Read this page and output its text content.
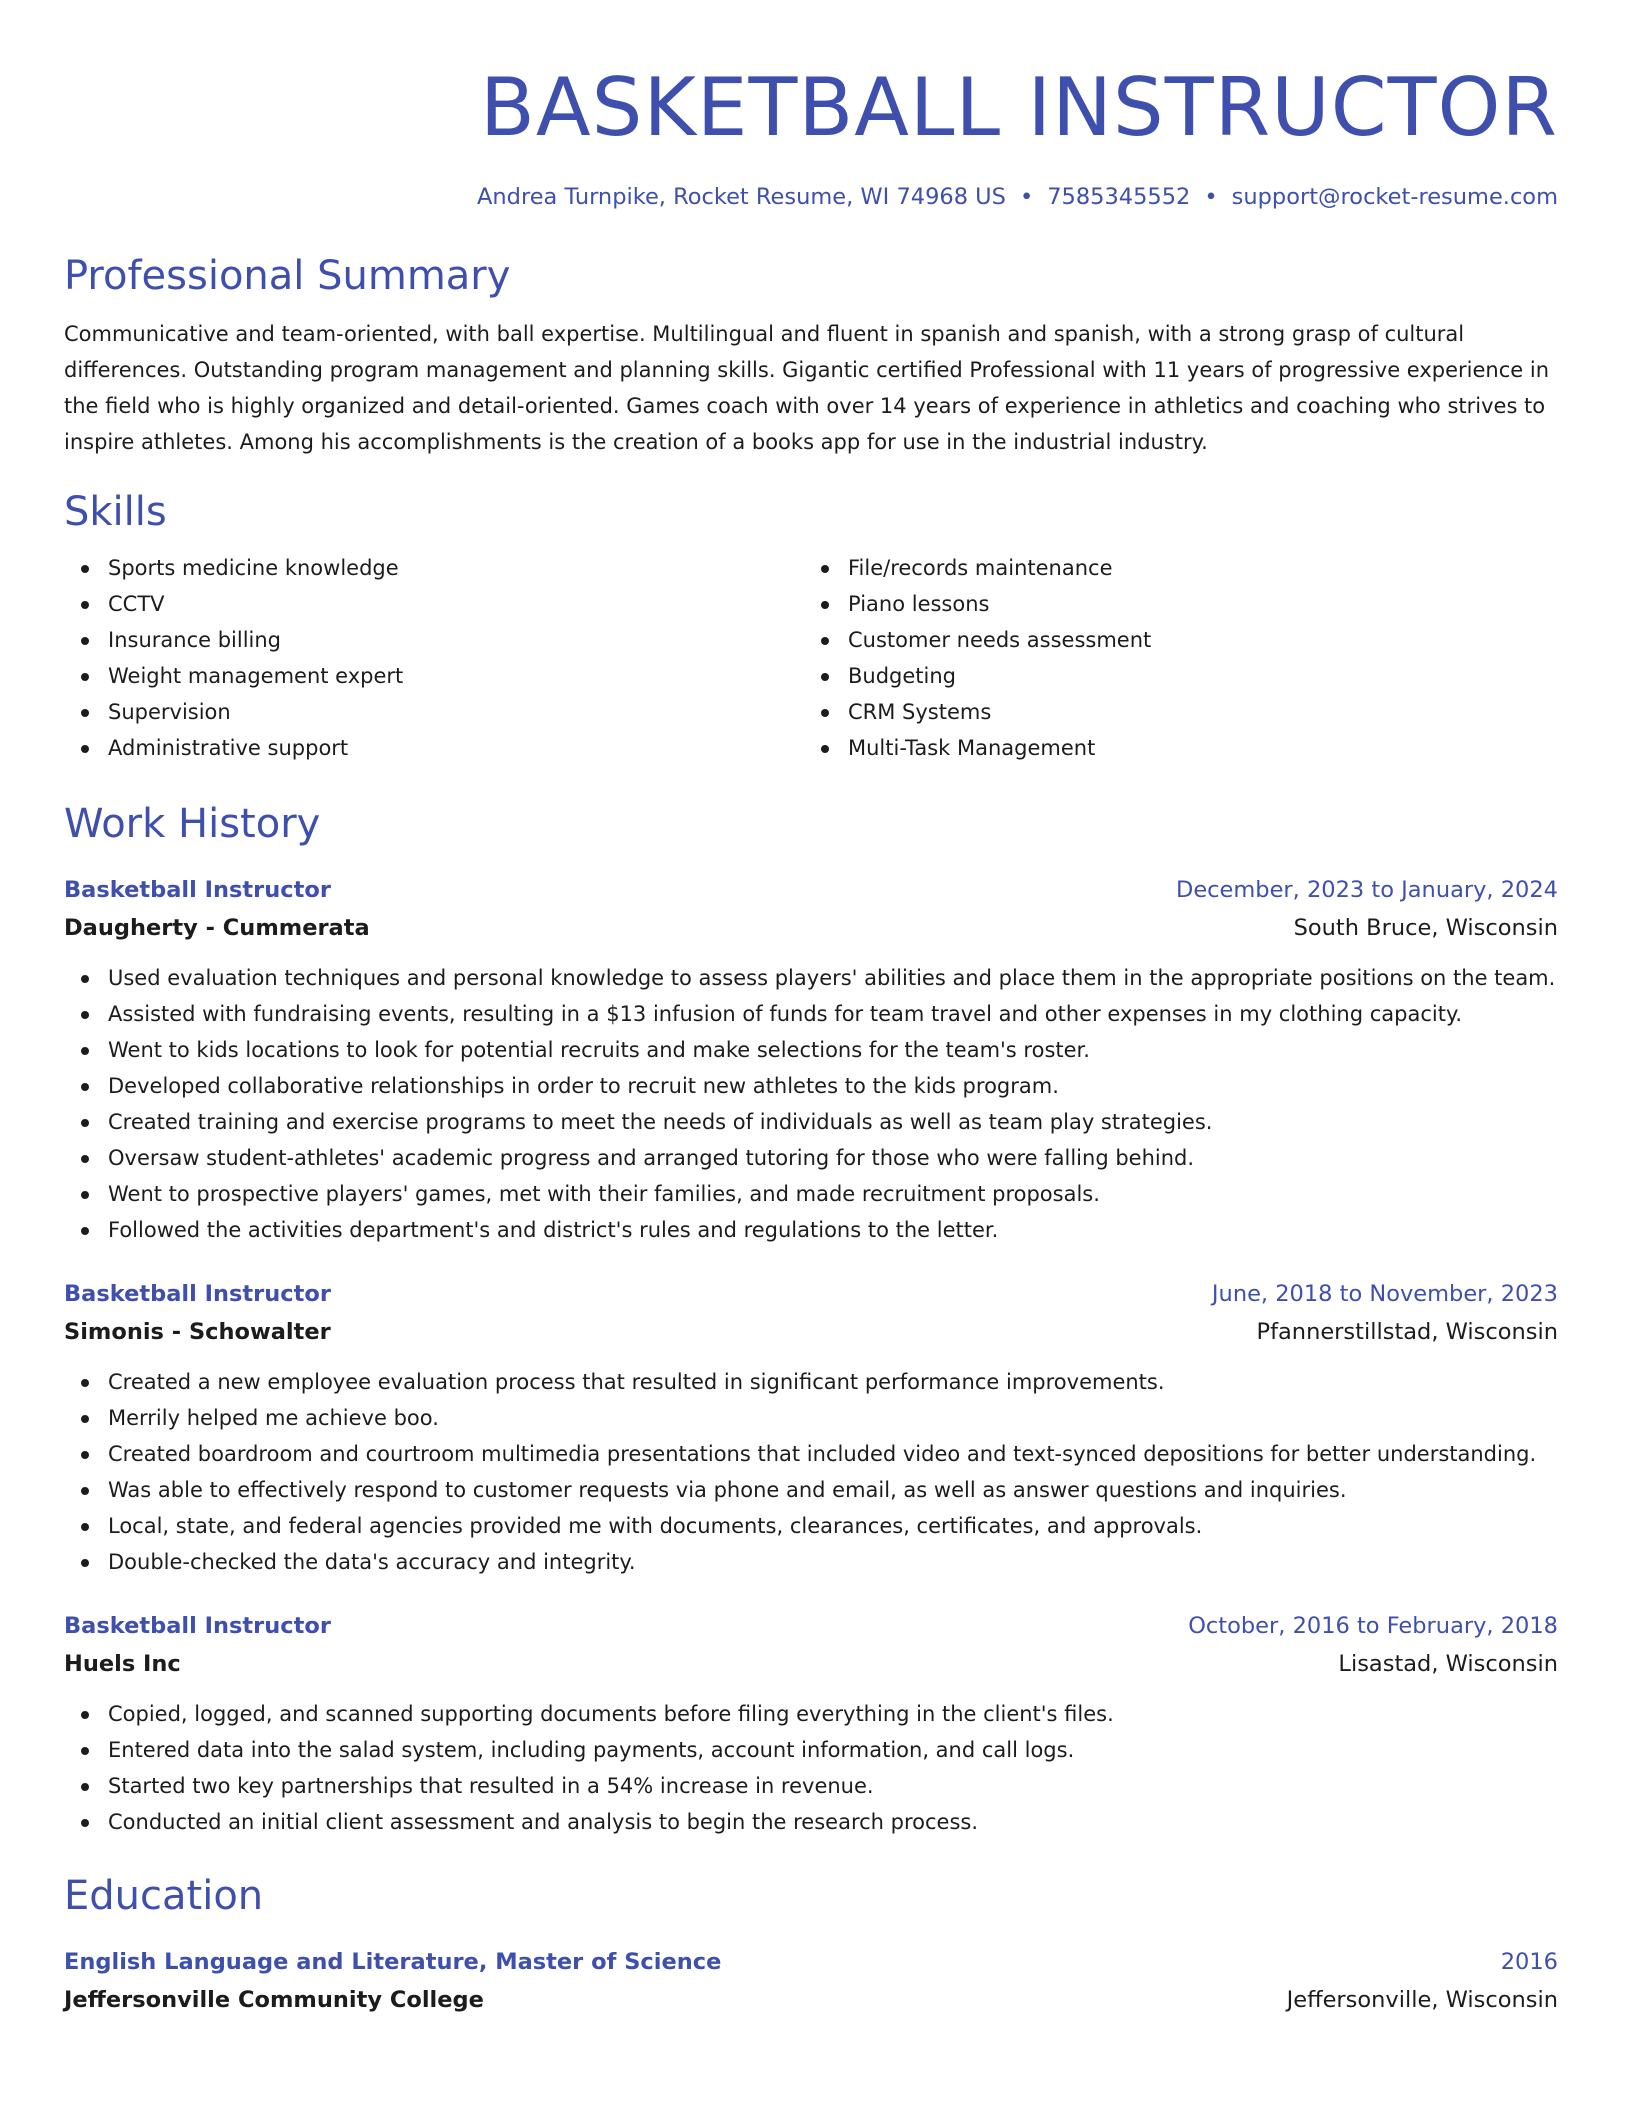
BASKETBALL INSTRUCTOR
Andrea Turnpike, Rocket Resume, WI 74968 US • 7585345552 • support@rocket-resume.com
Professional Summary

Communicative and team-oriented, with ball expertise. Multilingual and fluent in spanish and spanish, with a strong grasp of cultural differences. Outstanding program management and planning skills. Gigantic certified Professional with 11 years of progressive experience in the field who is highly organized and detail-oriented. Games coach with over 14 years of experience in athletics and coaching who strives to inspire athletes. Among his accomplishments is the creation of a books app for use in the industrial industry.

Skills
Sports medicine knowledge
CCTV
Insurance billing
Weight management expert
Supervision
Administrative support
File/records maintenance
Piano lessons
Customer needs assessment
Budgeting
CRM Systems
Multi-Task Management
Work History
Basketball Instructor	December, 2023 to January, 2024
Daugherty - Cummerata	South Bruce, Wisconsin
Used evaluation techniques and personal knowledge to assess players' abilities and place them in the appropriate positions on the team.
Assisted with fundraising events, resulting in a $13 infusion of funds for team travel and other expenses in my clothing capacity.
Went to kids locations to look for potential recruits and make selections for the team's roster.
Developed collaborative relationships in order to recruit new athletes to the kids program.
Created training and exercise programs to meet the needs of individuals as well as team play strategies.
Oversaw student-athletes' academic progress and arranged tutoring for those who were falling behind.
Went to prospective players' games, met with their families, and made recruitment proposals.
Followed the activities department's and district's rules and regulations to the letter.
Basketball Instructor	June, 2018 to November, 2023
Simonis - Schowalter	Pfannerstillstad, Wisconsin
Created a new employee evaluation process that resulted in significant performance improvements.
Merrily helped me achieve boo.
Created boardroom and courtroom multimedia presentations that included video and text-synced depositions for better understanding.
Was able to effectively respond to customer requests via phone and email, as well as answer questions and inquiries.
Local, state, and federal agencies provided me with documents, clearances, certificates, and approvals.
Double-checked the data's accuracy and integrity.
Basketball Instructor	October, 2016 to February, 2018
Huels Inc	Lisastad, Wisconsin
Copied, logged, and scanned supporting documents before filing everything in the client's files.
Entered data into the salad system, including payments, account information, and call logs.
Started two key partnerships that resulted in a 54% increase in revenue.
Conducted an initial client assessment and analysis to begin the research process.
Education
English Language and Literature, Master of Science	2016
Jeffersonville Community College	Jeffersonville, Wisconsin
